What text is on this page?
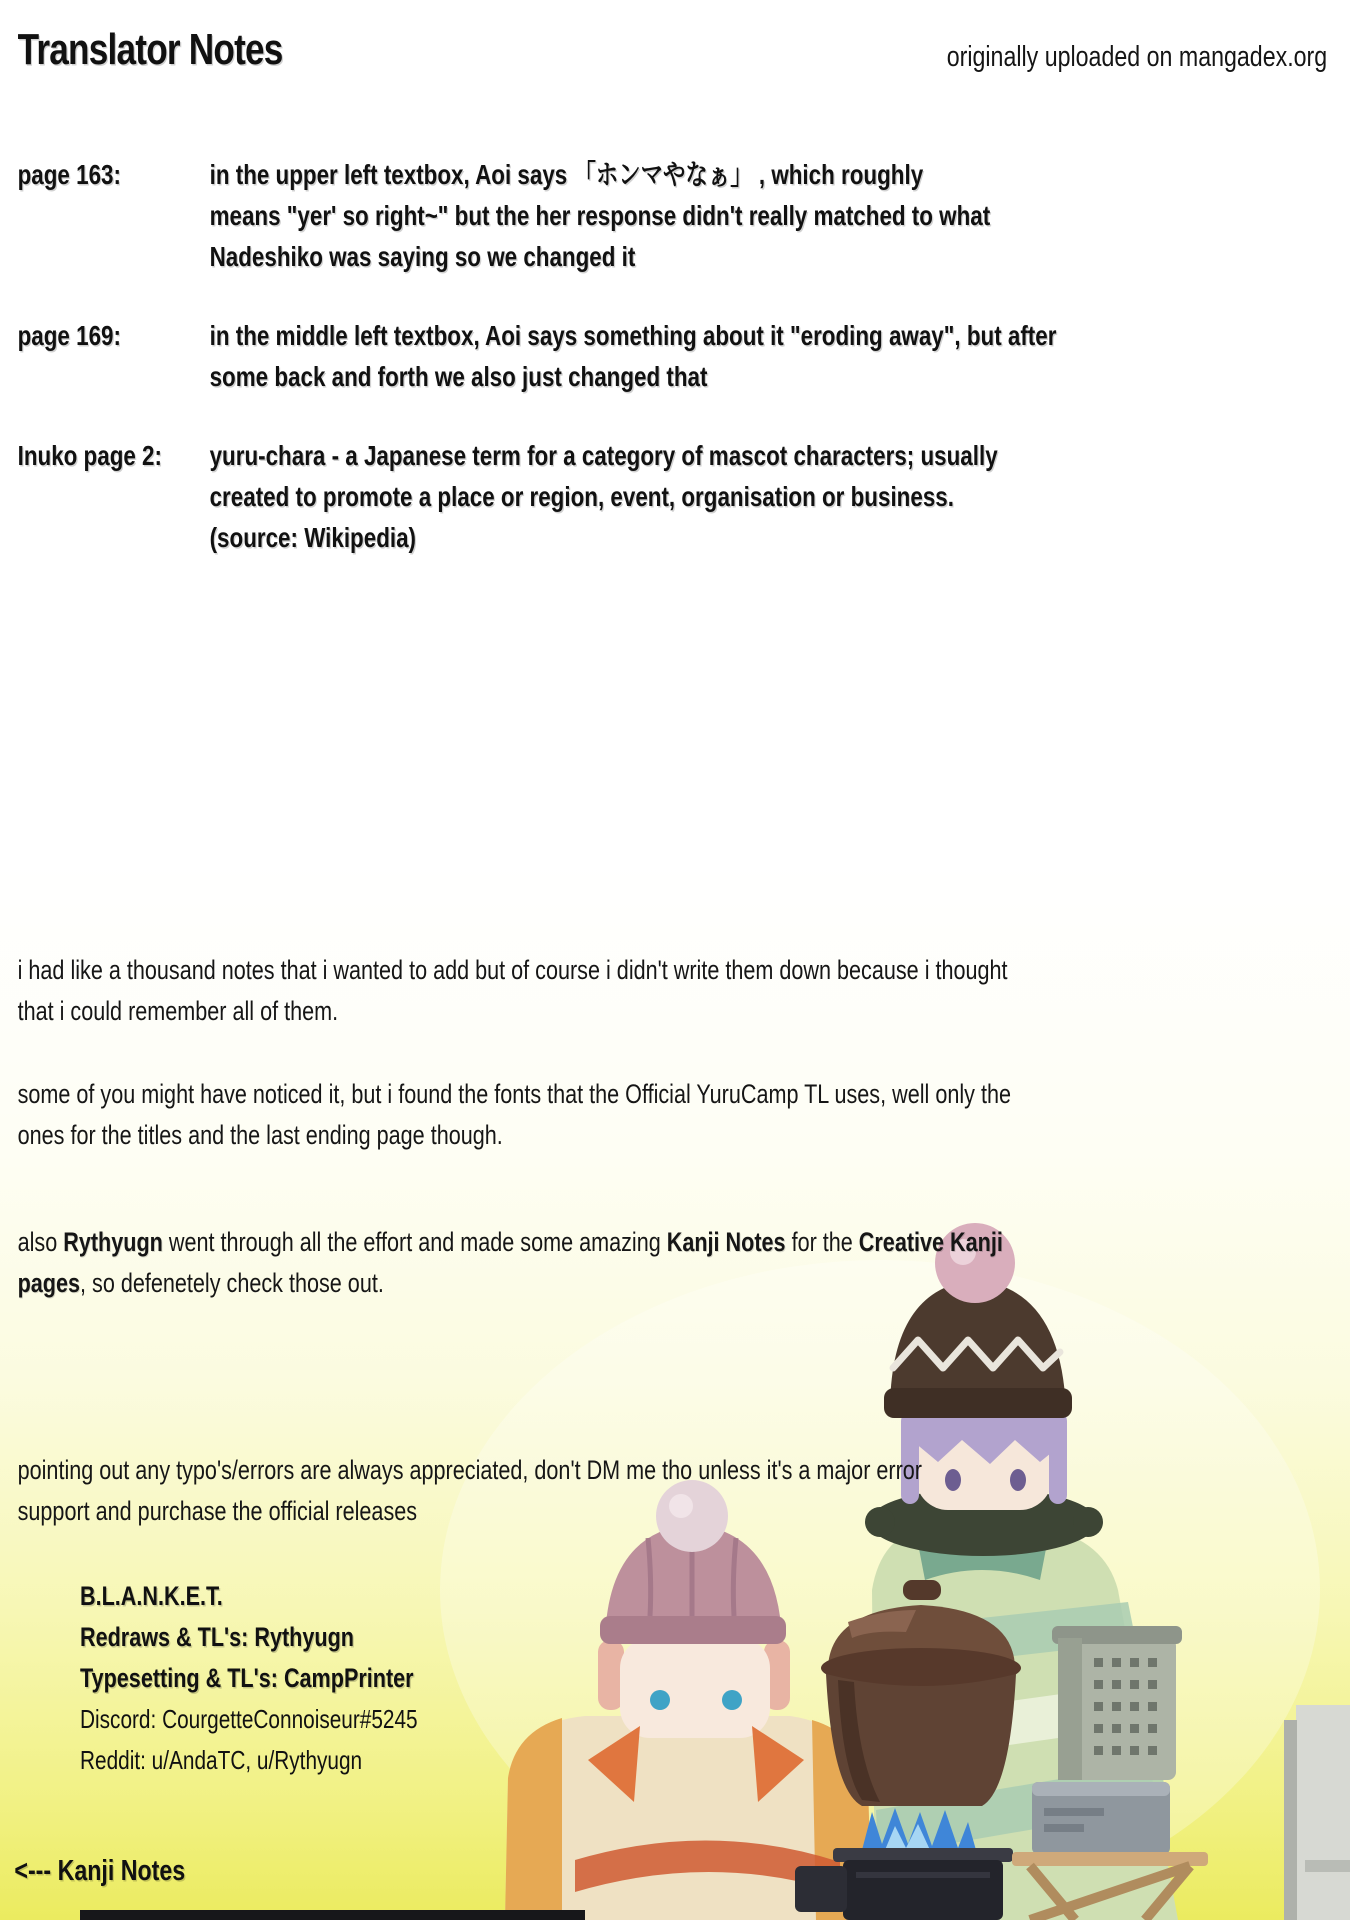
Translator Notes	originally uploaded on mangadex.org
page 163:	in the upper left textbox, Aoi says 「ホンマやなぁ」 , which roughly
means "yer' so right~" but the her response didn't really matched to what
Nadeshiko was saying so we changed it
page 169:	in the middle left textbox, Aoi says something about it "eroding away", but after
some back and forth we also just changed that
Inuko page 2:	yuru-chara - a Japanese term for a category of mascot characters; usually
created to promote a place or region, event, organisation or business.
(source: Wikipedia)

i had like a thousand notes that i wanted to add but of course i didn't write them down because i thought
that i could remember all of them.

some of you might have noticed it, but i found the fonts that the Official YuruCamp TL uses, well only the
ones for the titles and the last ending page though.

also Rythyugn went through all the effort and made some amazing Kanji Notes for the Creative Kanji
pages, so defenetely check those out.

pointing out any typo's/errors are always appreciated, don't DM me tho unless it's a major error
support and purchase the official releases

B.L.A.N.K.E.T.
Redraws & TL's: Rythyugn
Typesetting & TL's: CampPrinter
Discord: CourgetteConnoiseur#5245
Reddit: u/AndaTC, u/Rythyugn
<--- Kanji Notes
